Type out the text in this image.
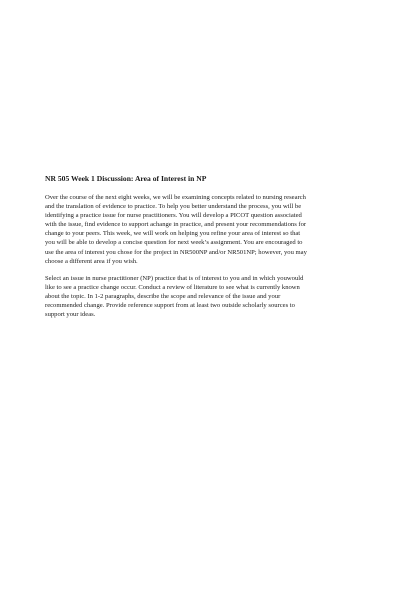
NR 505 Week 1 Discussion: Area of Interest in NP
Over the course of the next eight weeks, we will be examining concepts related to nursing research
and the translation of evidence to practice. To help you better understand the process, you will be
identifying a practice issue for nurse practitioners. You will develop a PICOT question associated
with the issue, find evidence to support achange in practice, and present your recommendations for
change to your peers. This week, we will work on helping you refine your area of interest so that
you will be able to develop a concise question for next week’s assignment. You are encouraged to
use the area of interest you chose for the project in NR500NP and/or NR501NP; however, you may
choose a different area if you wish.
Select an issue in nurse practitioner (NP) practice that is of interest to you and in which youwould
like to see a practice change occur. Conduct a review of literature to see what is currently known
about the topic. In 1-2 paragraphs, describe the scope and relevance of the issue and your
recommended change. Provide reference support from at least two outside scholarly sources to
support your ideas.
